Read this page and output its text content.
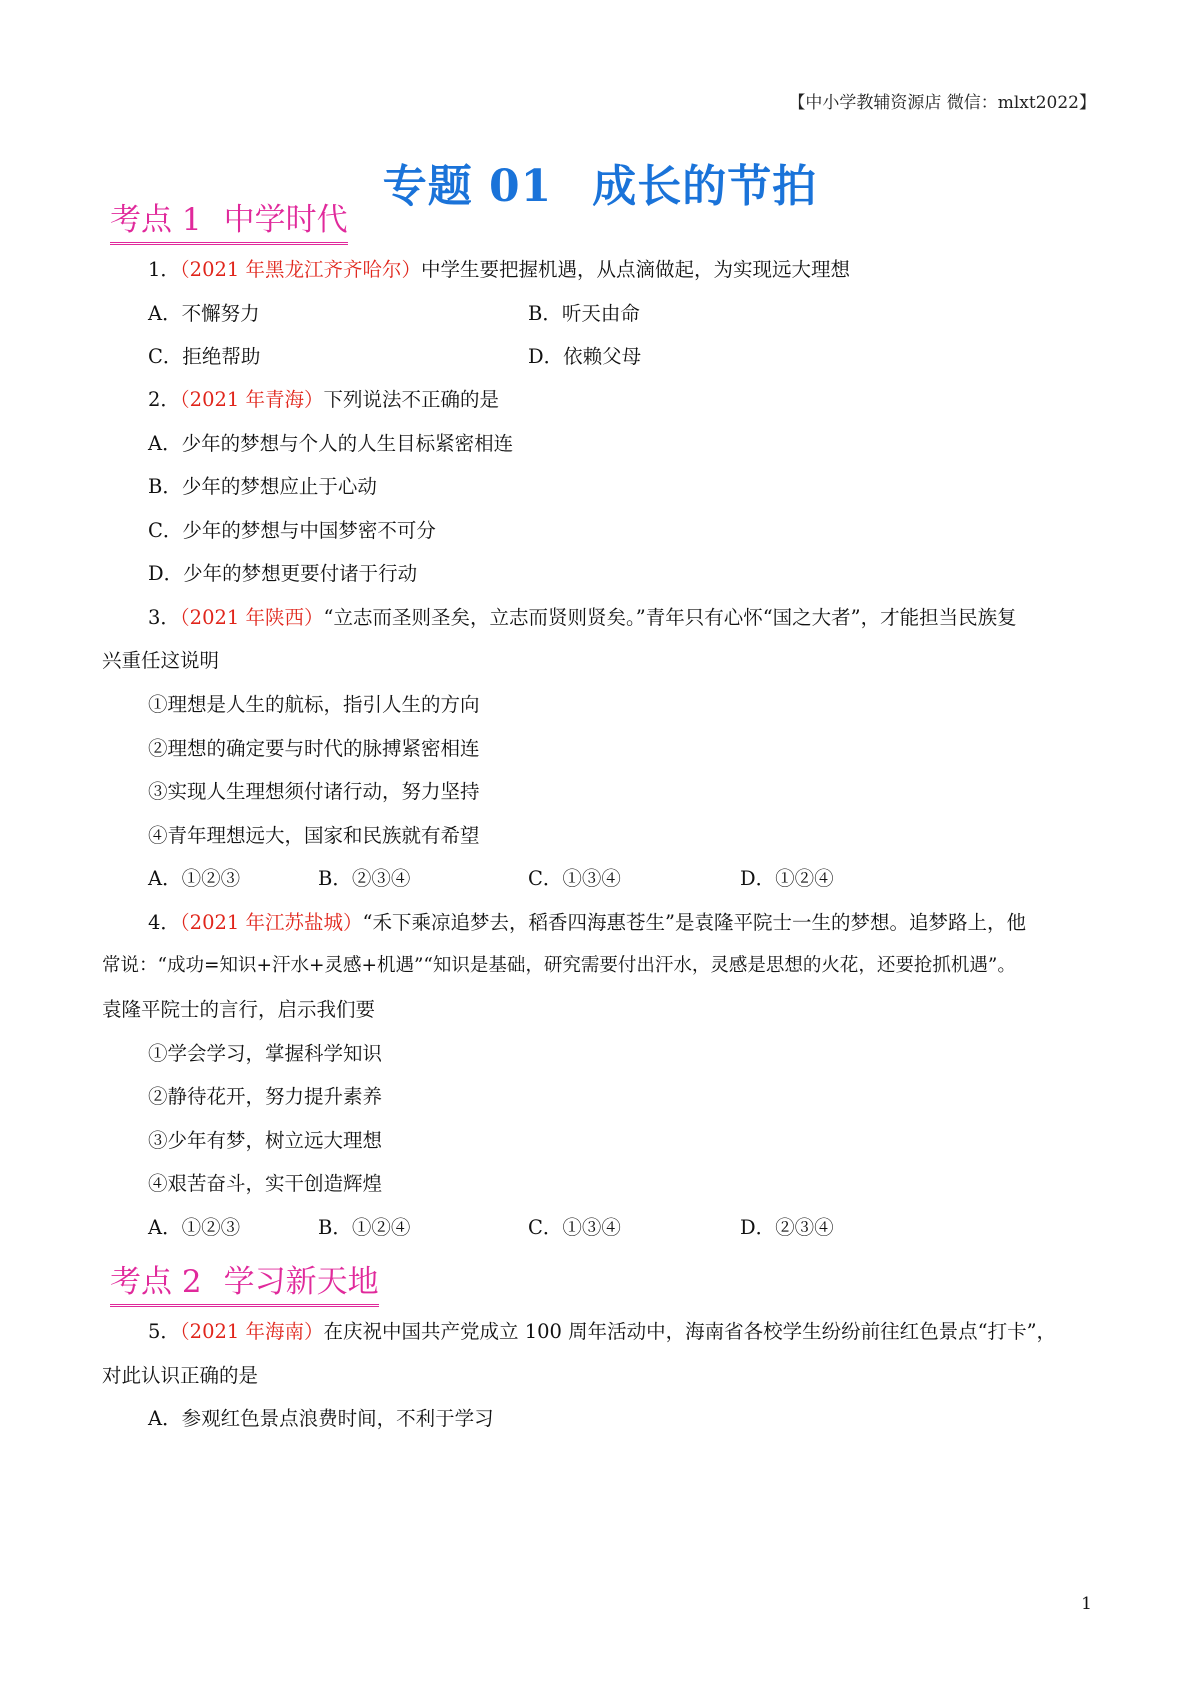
【中小学教辅资源店 微信：mlxt2022】
专题 01 成长的节拍
考点 1 中学时代
1．（2021 年黑龙江齐齐哈尔）中学生要把握机遇，从点滴做起，为实现远大理想
A．不懈努力	B．听天由命
C．拒绝帮助	D．依赖父母
2．（2021 年青海）下列说法不正确的是
A．少年的梦想与个人的人生目标紧密相连
B．少年的梦想应止于心动
C．少年的梦想与中国梦密不可分
D．少年的梦想更要付诸于行动
3．（2021 年陕西）“立志而圣则圣矣，立志而贤则贤矣。”青年只有心怀“国之大者”，才能担当民族复
兴重任这说明
①理想是人生的航标，指引人生的方向
②理想的确定要与时代的脉搏紧密相连
③实现人生理想须付诸行动，努力坚持
④青年理想远大，国家和民族就有希望
A．①②③	B．②③④	C．①③④	D．①②④
4．（2021 年江苏盐城）“禾下乘凉追梦去，稻香四海惠苍生”是袁隆平院士一生的梦想。追梦路上，他
常说：“成功=知识+汗水+灵感+机遇”“知识是基础，研究需要付出汗水，灵感是思想的火花，还要抢抓机遇”。
袁隆平院士的言行，启示我们要
①学会学习，掌握科学知识
②静待花开，努力提升素养
③少年有梦，树立远大理想
④艰苦奋斗，实干创造辉煌
A．①②③	B．①②④	C．①③④	D．②③④
考点 2 学习新天地
5．（2021 年海南）在庆祝中国共产党成立 100 周年活动中，海南省各校学生纷纷前往红色景点“打卡”，
对此认识正确的是
A．参观红色景点浪费时间，不利于学习
1
